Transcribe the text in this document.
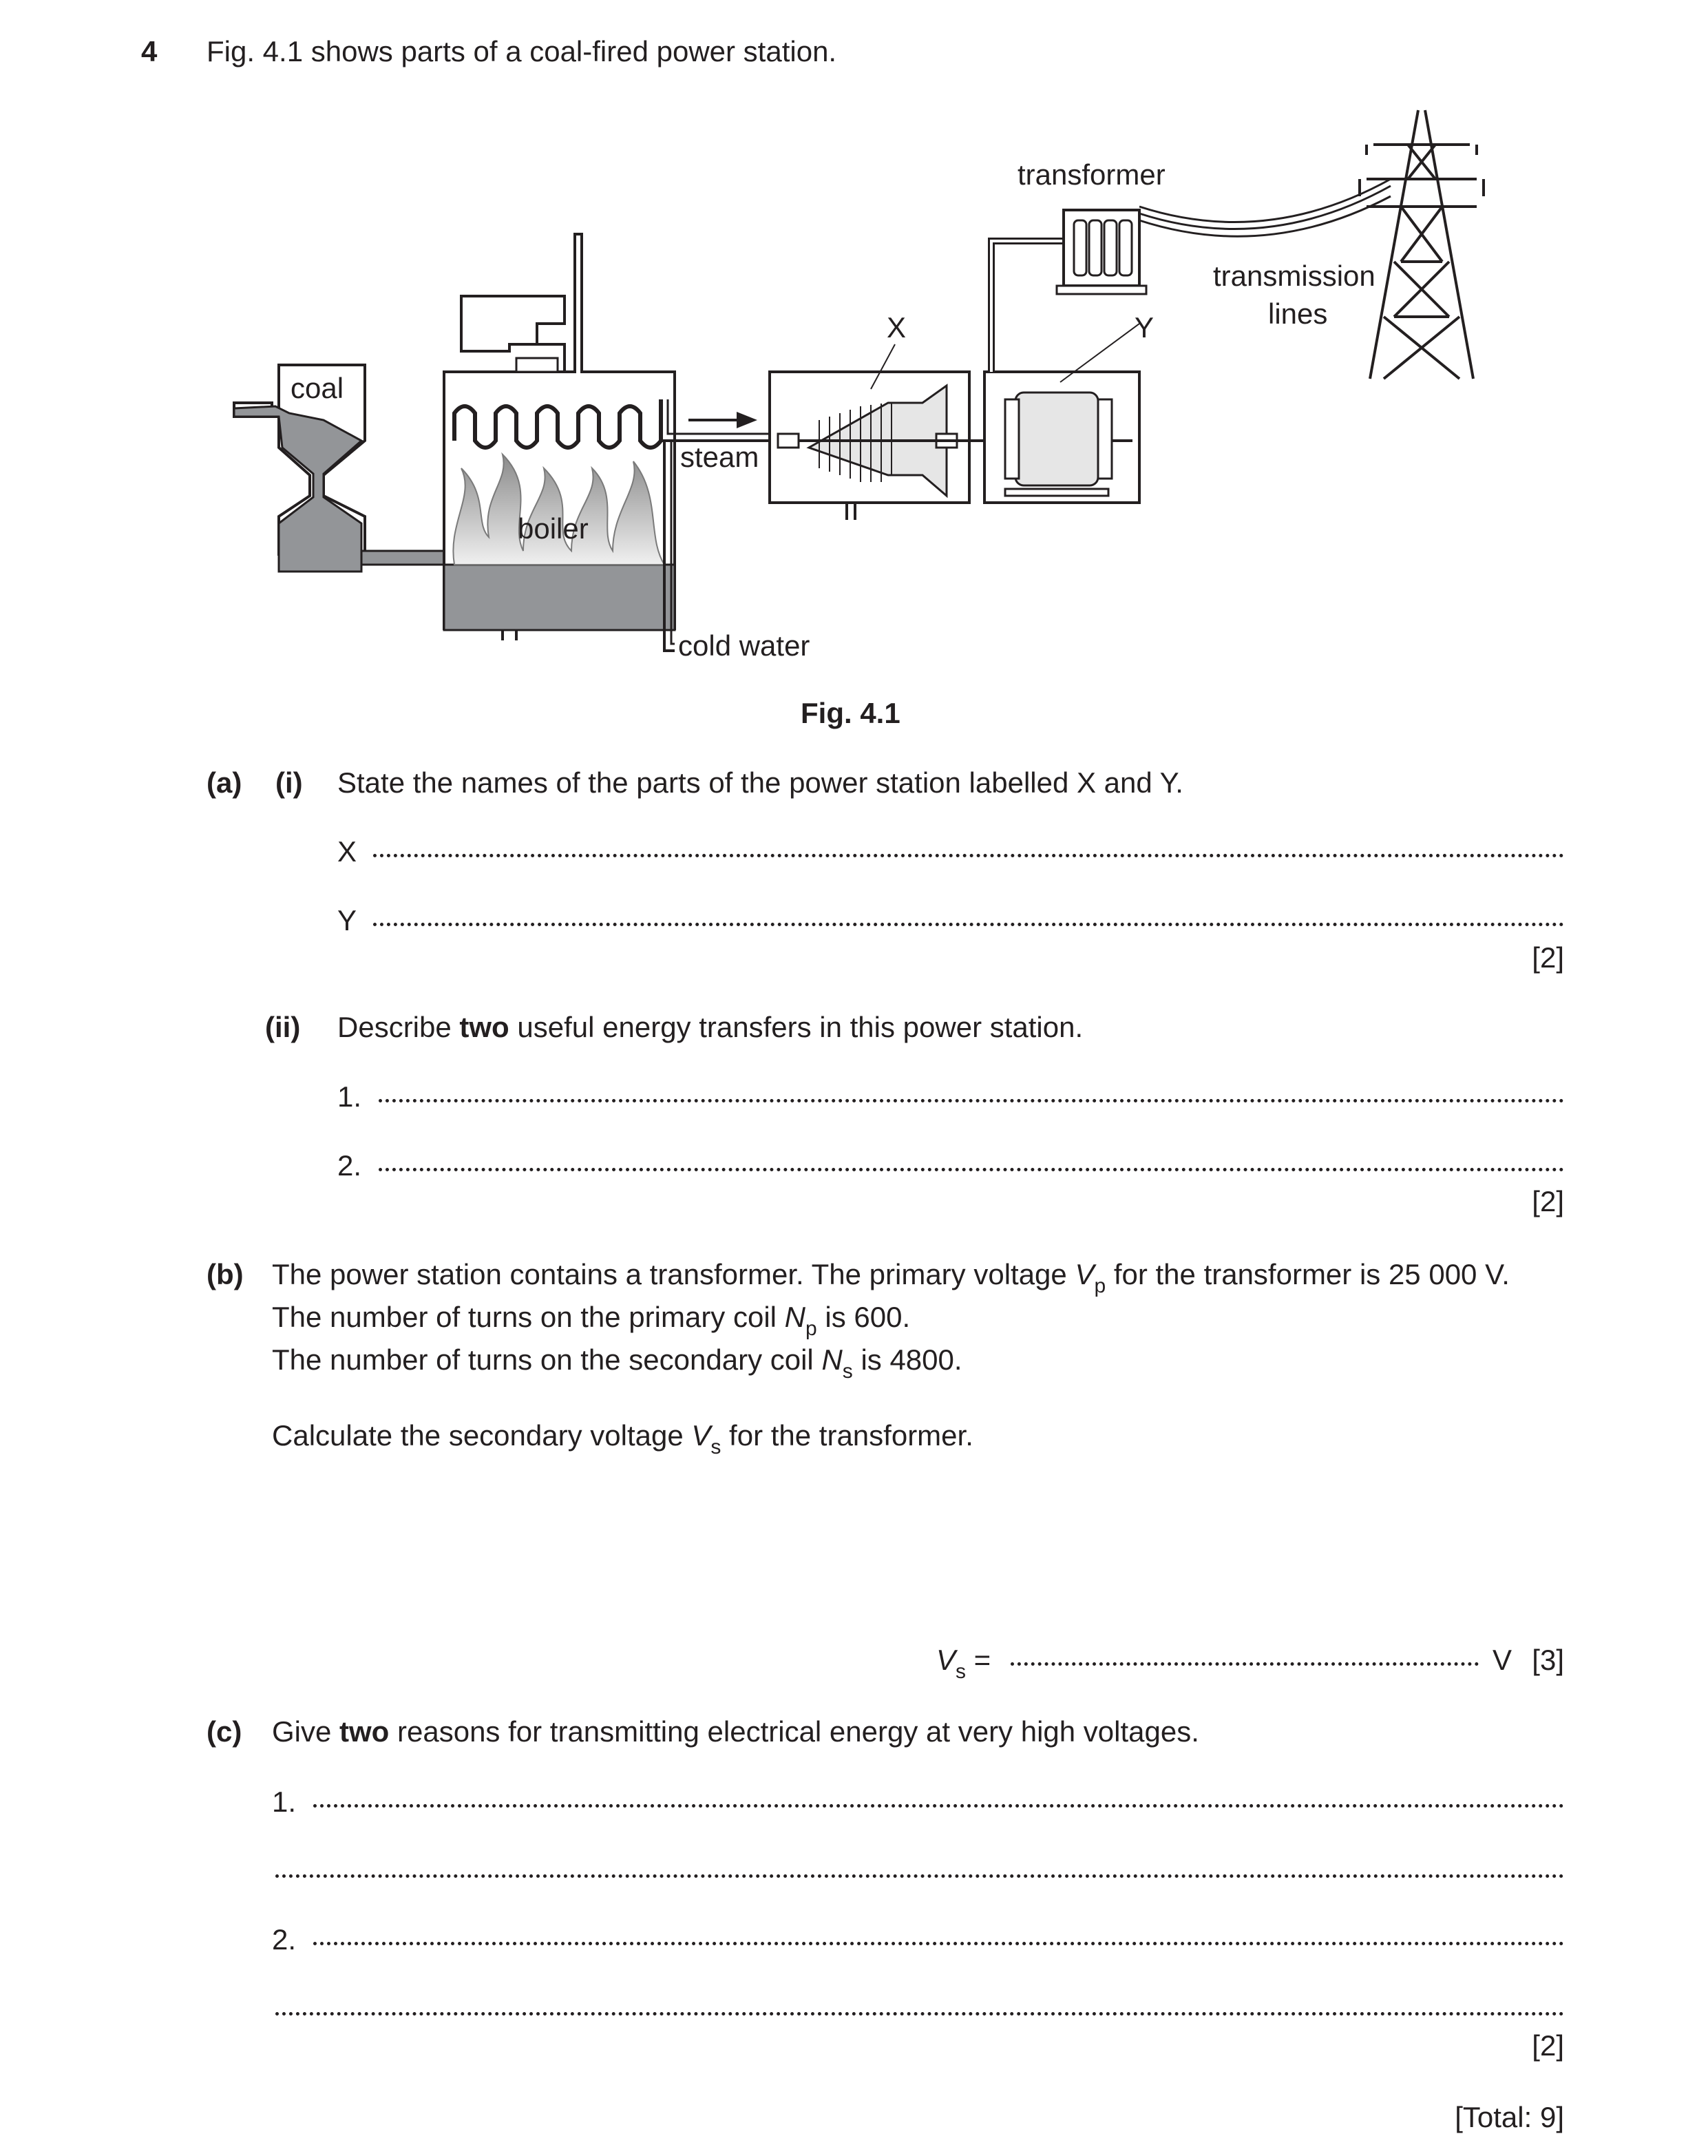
4 Fig. 4.1 shows parts of a coal-fired power station.
transformer
transmission
lines
X	Y
coal
steam
boiler
cold water
Fig. 4.1
(a) (i) State the names of the parts of the power station labelled X and Y.
X
Y
[2]
(ii) Describe two useful energy transfers in this power station.
1.
2.
[2]
(b) The power station contains a transformer. The primary voltage $V_p$ for the transformer is 25 000 V.
The number of turns on the primary coil $N_p$ is 600.
The number of turns on the secondary coil $N_s$ is 4800.
Calculate the secondary voltage $V_s$ for the transformer.
$V_s$ =	V [3]
(c) Give two reasons for transmitting electrical energy at very high voltages.
1.
2.
[2]
[Total: 9]
